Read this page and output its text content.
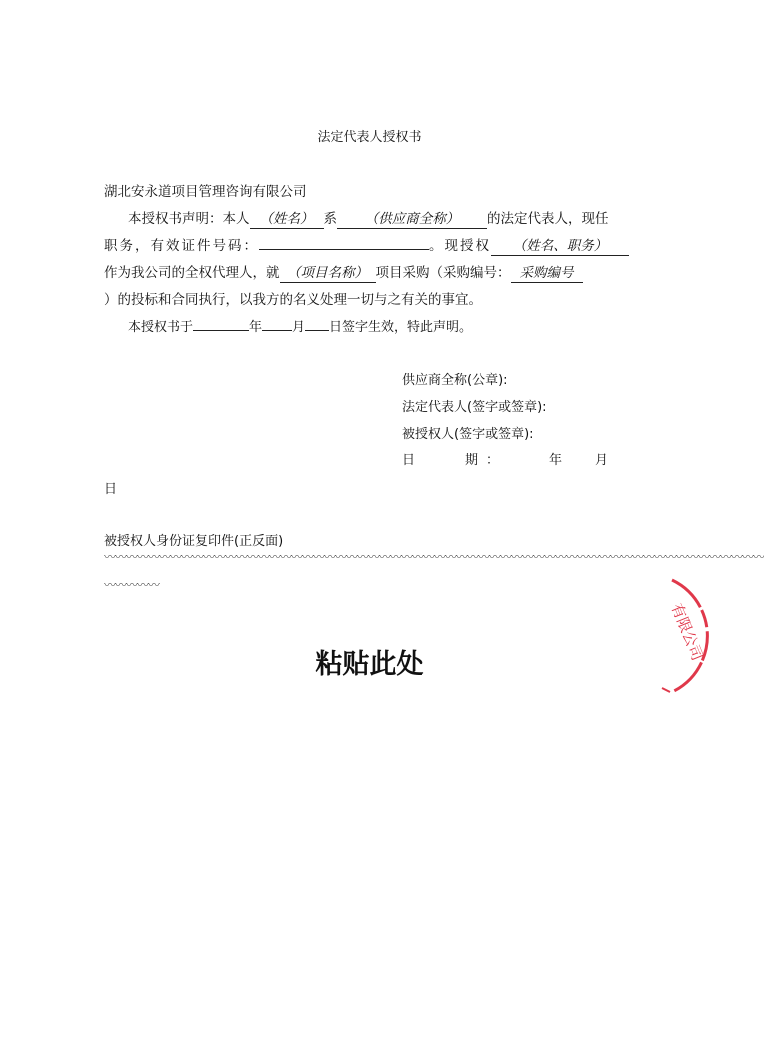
法定代表人授权书
湖北安永道项目管理咨询有限公司
本授权书声明：本人 （姓名） 系 （供应商全称） 的法定代表人，现任
职务，有效证件号码：	。现授权 （姓名、职务）
作为我公司的全权代理人，就 （项目名称） 项目采购（采购编号： 采购编号
）的投标和合同执行，以我方的名义处理一切与之有关的事宜。
本授权书于	年 月 日签字生效，特此声明。
供应商全称(公章):
法定代表人(签字或签章):
被授权人(签字或签章):
日　　期：	年	月
日
被授权人身份证复印件(正反面)
〰〰〰〰〰〰〰〰〰〰〰〰〰〰〰〰〰〰〰〰〰〰〰〰〰〰〰〰〰〰〰〰〰〰〰〰〰〰〰〰〰〰〰〰〰〰〰〰〰〰〰〰〰〰〰〰〰〰〰〰
〰〰〰〰〰
粘贴此处
有限公司
